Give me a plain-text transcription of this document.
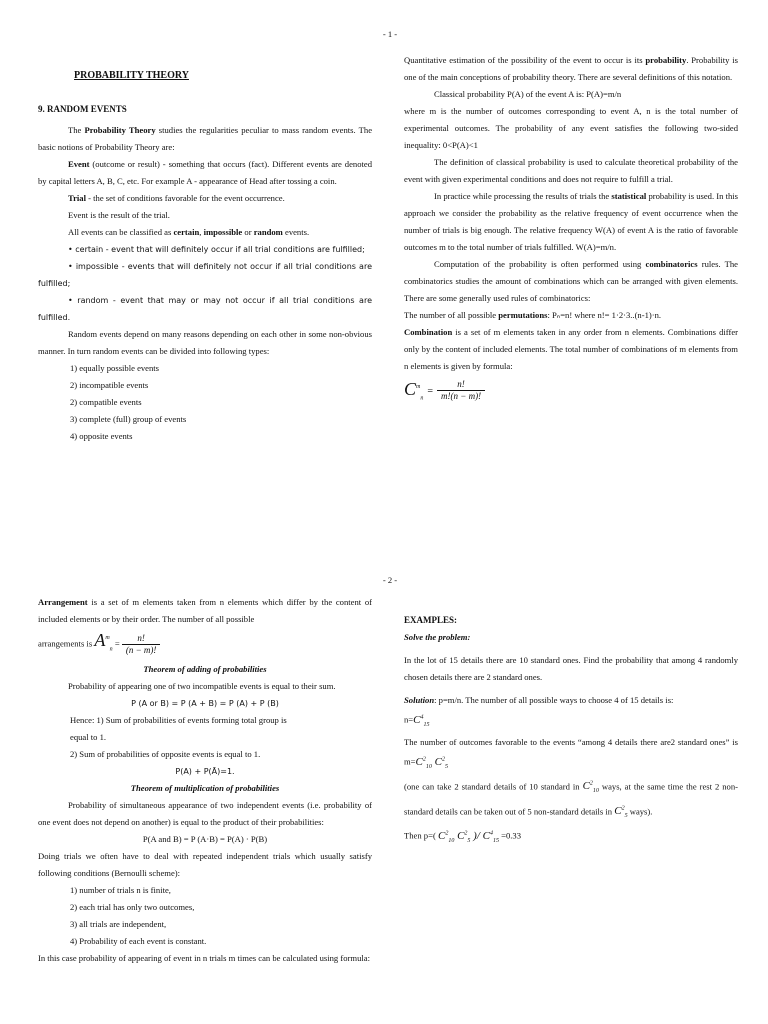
- 1 -
PROBABILITY THEORY
9. RANDOM EVENTS

The Probability Theory studies the regularities peculiar to mass random events. The basic notions of Probability Theory are:

Event (outcome or result) - something that occurs (fact). Different events are denoted by capital letters A, B, C, etc. For example A - appearance of Head after tossing a coin.

Trial - the set of conditions favorable for the event occurrence.

Event is the result of the trial.

All events can be classified as certain, impossible or random events.

• certain - event that will definitely occur if all trial conditions are fulfilled;

• impossible - events that will definitely not occur if all trial conditions are fulfilled;

• random - event that may or may not occur if all trial conditions are fulfilled.

Random events depend on many reasons depending on each other in some non-obvious manner. In turn random events can be divided into following types:

1) equally possible events

2) incompatible events

2) compatible events

3) complete (full) group of events

4) opposite events

Quantitative estimation of the possibility of the event to occur is its probability. Probability is one of the main conceptions of probability theory. There are several definitions of this notation.

Classical probability P(A) of the event A is: P(A)=m/n

where m is the number of outcomes corresponding to event A, n is the total number of experimental outcomes. The probability of any event satisfies the following two-sided inequality: 0<P(A)<1

The definition of classical probability is used to calculate theoretical probability of the event with given experimental conditions and does not require to fulfill a trial.

In practice while processing the results of trials the statistical probability is used. In this approach we consider the probability as the relative frequency of event occurrence when the number of trials is big enough. The relative frequency W(A) of event A is the ratio of favorable outcomes m to the total number of trials fulfilled. W(A)=m/n.

Computation of the probability is often performed using combinatorics rules. The combinatorics studies the amount of combinations which can be arranged with given elements. There are some generally used rules of combinatorics:

The number of all possible permutations: Pₙ=n! where n!= 1·2·3..(n-1)·n.

Combination is a set of m elements taken in any order from n elements. Combinations differ only by the content of included elements. The total number of combinations of m elements from n elements is given by formula:

$C^m_n = \frac{n!}{m!(n - m)!}$
- 2 -

Arrangement is a set of m elements taken from n elements which differ by the content of included elements or by their order. The number of all possible

arrangements is $A^m_n = \frac{n!}{(n - m)!}$

Theorem of adding of probabilities

Probability of appearing one of two incompatible events is equal to their sum.

P (A or B) = P (A + B) = P (A) + P (B)

Hence: 1) Sum of probabilities of events forming total group is

equal to 1.

2) Sum of probabilities of opposite events is equal to 1.

P(A) + P(Ā)=1.

Theorem of multiplication of probabilities

Probability of simultaneous appearance of two independent events (i.e. probability of one event does not depend on another) is equal to the product of their probabilities:

P(A and B) = P (A·B) = P(A) · P(B)

Doing trials we often have to deal with repeated independent trials which usually satisfy following conditions (Bernoulli scheme):

1) number of trials n is finite,

2) each trial has only two outcomes,

3) all trials are independent,

4) Probability of each event is constant.

In this case probability of appearing of event in n trials m times can be calculated using formula:

EXAMPLES:

Solve the problem:

In the lot of 15 details there are 10 standard ones. Find the probability that among 4 randomly chosen details there are 2 standard ones.

Solution: p=m/n. The number of all possible ways to choose 4 of 15 details is:

$n=C^4_{15}$

The number of outcomes favorable to the events “among 4 details there are2 standard ones” is $m=C^2_{10}$ $C^2_5$

(one can take 2 standard details of 10 standard in $C^2_{10}$ ways, at the same time the rest 2 non-standard details can be taken out of 5 non-standard details in $C^2_5$ ways).

Then p=( $C^2_{10}$ $C^2_5$ )/ $C^4_{15} =0.33$
